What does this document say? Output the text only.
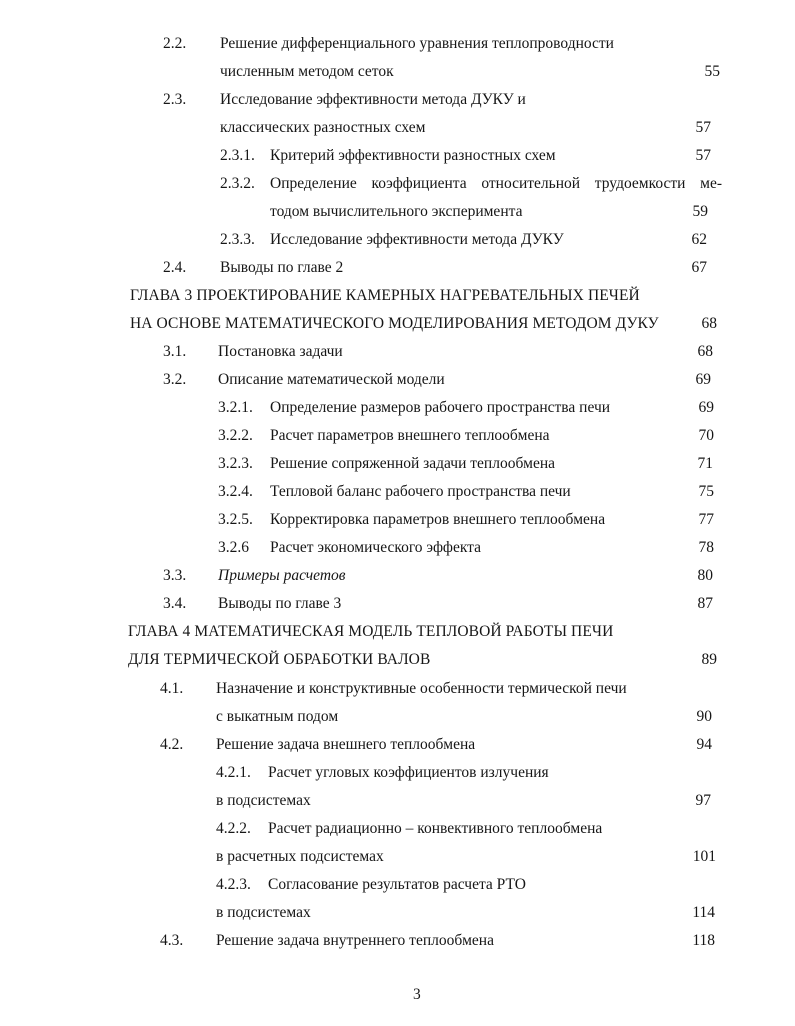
2.2. Решение дифференциального уравнения теплопроводности
численным методом сеток	55
2.3. Исследование эффективности метода ДУКУ и
классических разностных схем	57
2.3.1. Критерий эффективности разностных схем	57
2.3.2. Определение коэффициента относительной трудоемкости ме-
тодом вычислительного эксперимента	59
2.3.3. Исследование эффективности метода ДУКУ	62
2.4. Выводы по главе 2	67
ГЛАВА 3 ПРОЕКТИРОВАНИЕ КАМЕРНЫХ НАГРЕВАТЕЛЬНЫХ ПЕЧЕЙ
НА ОСНОВЕ МАТЕМАТИЧЕСКОГО МОДЕЛИРОВАНИЯ МЕТОДОМ ДУКУ	68
3.1. Постановка задачи	68
3.2. Описание математической модели	69
3.2.1. Определение размеров рабочего пространства печи	69
3.2.2. Расчет параметров внешнего теплообмена	70
3.2.3. Решение сопряженной задачи теплообмена	71
3.2.4. Тепловой баланс рабочего пространства печи	75
3.2.5. Корректировка параметров внешнего теплообмена	77
3.2.6 Расчет экономического эффекта	78
3.3. Примеры расчетов	80
3.4. Выводы по главе 3	87
ГЛАВА 4 МАТЕМАТИЧЕСКАЯ МОДЕЛЬ ТЕПЛОВОЙ РАБОТЫ ПЕЧИ
ДЛЯ ТЕРМИЧЕСКОЙ ОБРАБОТКИ ВАЛОВ	89
4.1. Назначение и конструктивные особенности термической печи
с выкатным подом	90
4.2. Решение задача внешнего теплообмена	94
4.2.1. Расчет угловых коэффициентов излучения
в подсистемах	97
4.2.2. Расчет радиационно – конвективного теплообмена
в расчетных подсистемах	101
4.2.3. Согласование результатов расчета РТО
в подсистемах	114
4.3. Решение задача внутреннего теплообмена	118
3
